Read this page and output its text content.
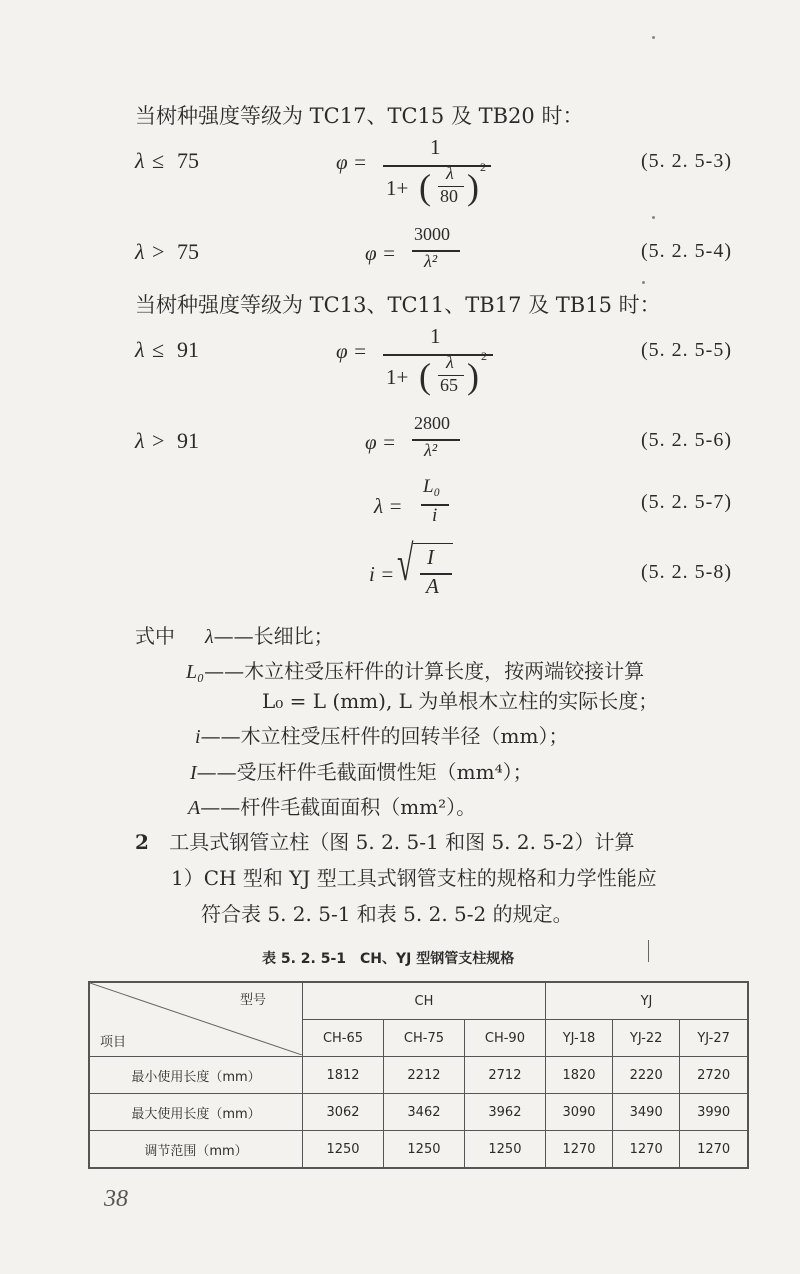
当树种强度等级为 TC17、TC15 及 TB20 时：
λ ≤ 75	φ =
1
1+ ( λ
80 ) 2	(5. 2. 5-3)
λ > 75	φ =
3000
λ²	(5. 2. 5-4)
当树种强度等级为 TC13、TC11、TB17 及 TB15 时：
λ ≤ 91	φ =
1
1+ ( λ
65 ) 2	(5. 2. 5-5)
λ > 91	φ =
2800
λ²	(5. 2. 5-6)
λ =
L₀
i
(5. 2. 5-7)
i = √ I
A
(5. 2. 5-8)
式中 λ——长细比；
L₀——木立柱受压杆件的计算长度，按两端铰接计算
L₀ = L (mm), L 为单根木立柱的实际长度；
i——木立柱受压杆件的回转半径（mm）；
I——受压杆件毛截面惯性矩（mm⁴）；
A——杆件毛截面面积（mm²）。
2 工具式钢管立柱（图 5. 2. 5-1 和图 5. 2. 5-2）计算
1）CH 型和 YJ 型工具式钢管支柱的规格和力学性能应
符合表 5. 2. 5-1 和表 5. 2. 5-2 的规定。
表 5. 2. 5-1　CH、YJ 型钢管支柱规格
型号
项目	CH			YJ		
	CH-65	CH-75	CH-90	YJ-18	YJ-22	YJ-27
最小使用长度（mm）	1812	2212	2712	1820	2220	2720
最大使用长度（mm）	3062	3462	3962	3090	3490	3990
调节范围（mm）	1250	1250	1250	1270	1270	1270
38
